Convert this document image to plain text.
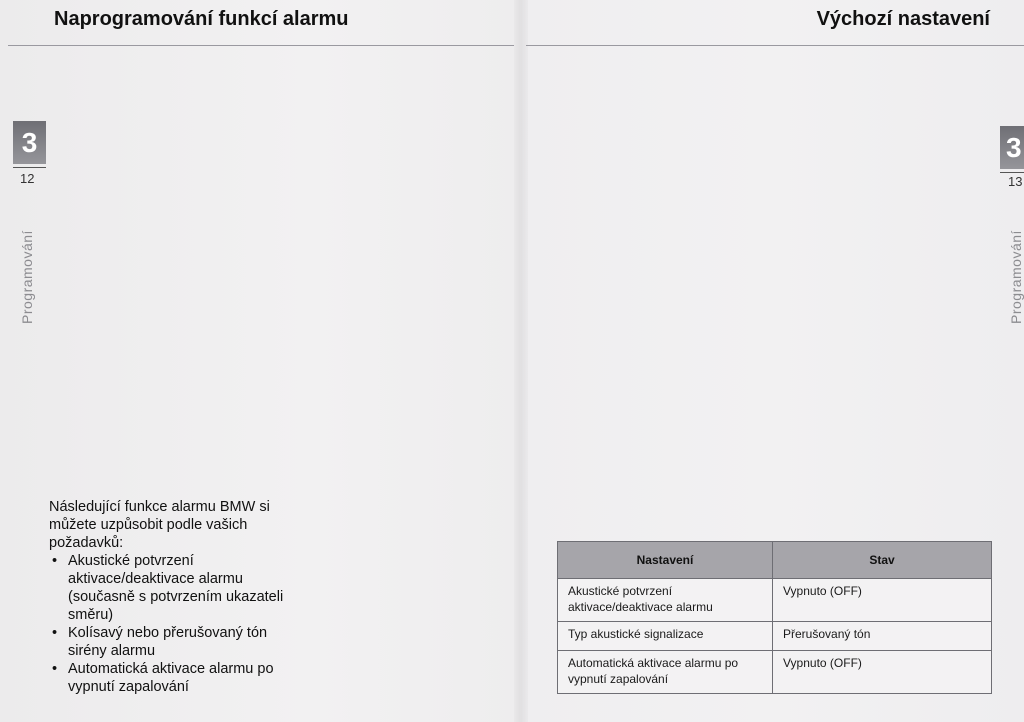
Naprogramování funkcí alarmu	Výchozí nastavení
3
12
Programování
3
13
Programování

Následující funkce alarmu BMW si můžete uzpůsobit podle vašich požadavků:

• Akustické potvrzení aktivace/deaktivace alarmu (současně s potvrzením ukazateli směru)
• Kolísavý nebo přerušovaný tón sirény alarmu
• Automatická aktivace alarmu po vypnutí zapalování
Nastavení	Stav
Akustické potvrzení aktivace/deaktivace alarmu	Vypnuto (OFF)
Typ akustické signalizace	Přerušovaný tón
Automatická aktivace alarmu po vypnutí zapalování	Vypnuto (OFF)
